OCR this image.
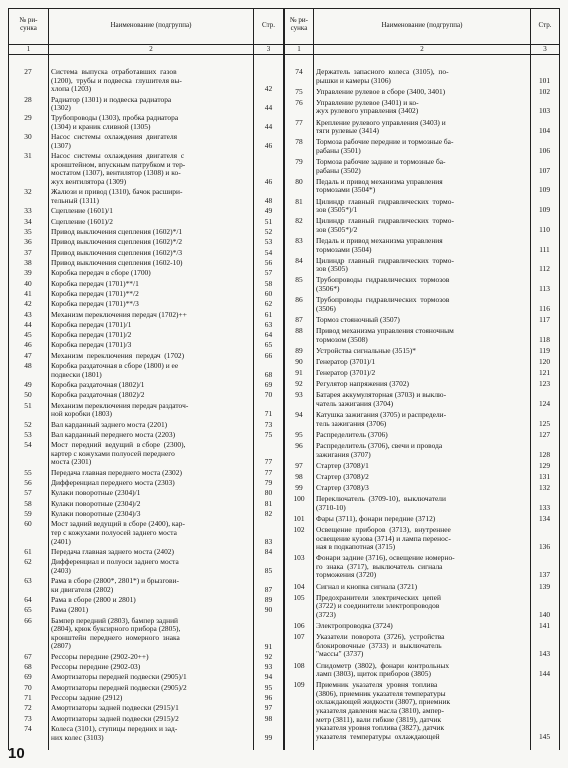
№ ри-
сунка	Наименование (подгруппа)	Стр.
№ ри-
сунка	Наименование (подгруппа)	Стр.
1	2	3	1	2	3
27	Система  выпуска  отработавших  газов
(1200),  трубы и подвеска  глушителя вы-
хлопа (1203)	42
28	Радиатор (1301) и подвеска радиатора
(1302)	44
29	Трубопроводы (1303), пробка радиатора
(1304) и краник сливной (1305)	44
30	Насос  системы  охлаждения  двигателя
(1307)	46
31	Насос  системы  охлаждения  двигателя  с
кронштейном, впускным патрубком и тер-
мостатом (1307), вентилятор (1308) и ко-
жух вентилятора (1309)	46
32	Жалюзи и привод (1310), бачок расшири-
тельный (1311)	48
33	Сцепление (1601)/1	49
34	Сцепление (1601)/2	51
35	Привод выключения сцепления (1602)*/1	52
36	Привод выключения сцепления (1602)*/2	53
37	Привод выключения сцепления (1602)*/3	54
38	Привод выключения сцепления (1602-10)	56
39	Коробка передач в сборе (1700)	57
40	Коробка передач (1701)**/1	58
41	Коробка передач (1701)**/2	60
42	Коробка передач (1701)**/3	62
43	Механизм переключения передач (1702)++	61
44	Коробка передач (1701)/1	63
45	Коробка передач (1701)/2	64
46	Коробка передач (1701)/3	65
47	Механизм  переключения  передач  (1702)	66
48	Коробка раздаточная в сборе (1800) и ее
подвески (1801)	68
49	Коробка раздаточная (1802)/1	69
50	Коробка раздаточная (1802)/2	70
51	Механизм переключения передач раздаточ-
ной коробки (1803)	71
52	Вал карданный заднего моста (2201)	73
53	Вал карданный переднего моста (2203)	75
54	Мост  передний  ведущий  в сборе  (2300),
картер с кожухами полуосей переднего
моста (2301)	77
55	Передача главная переднего моста (2302)	77
56	Дифференциал переднего моста (2303)	79
57	Кулаки поворотные (2304)/1	80
58	Кулаки поворотные (2304)/2	81
59	Кулаки поворотные (2304)/3	82
60	Мост задний ведущий в сборе (2400), кар-
тер с кожухами полуосей заднего моста
(2401)	83
61	Передача главная заднего моста (2402)	84
62	Дифференциал и полуоси заднего моста
(2403)	85
63	Рама в сборе (2800*, 2801*) и брызгови-
ки двигателя (2802)	87
64	Рама в сборе (2800 и 2801)	89
65	Рама (2801)	90
66	Бампер передний (2803), бампер задний
(2804), крюк буксирного прибора (2805),
кронштейн  переднего  номерного  знака
(2807)	91
67	Рессоры передние (2902-20++)	92
68	Рессоры передние (2902-03)	93
69	Амортизаторы передней подвески (2905)/1	94
70	Амортизаторы передней подвески (2905)/2	95
71	Рессоры задние (2912)	96
72	Амортизаторы задней подвески (2915)/1	97
73	Амортизаторы задней подвески (2915)/2	98
74	Колеса (3101), ступицы передних и зад-
них колес (3103)	99
74	Держатель  запасного  колеса  (3105),  по-
рышки и камеры (3106)	101
75	Управление рулевое в сборе (3400, 3401)	102
76	Управление рулевое (3401) и ко-
жух рулевого управления (3402)	103
77	Крепление рулевого управления (3403) и
тяги рулевые (3414)	104
78	Тормоза рабочие передние и тормозные ба-
рабаны (3501)	106
79	Тормоза рабочие задние и тормозные ба-
рабаны (3502)	107
80	Педаль и привод механизма управления
тормозами (3504*)	109
81	Цилиндр  главный  гидравлических  тормо-
зов (3505*)/1	109
82	Цилиндр  главный  гидравлических  тормо-
зов (3505*)/2	110
83	Педаль и привод механизма управления
тормозами (3504)	111
84	Цилиндр  главный  гидравлических  тормо-
зов (3505)	112
85	Трубопроводы  гидравлических  тормозов
(3506*)	113
86	Трубопроводы  гидравлических  тормозов
(3506)	116
87	Тормоз стояночный (3507)	117
88	Привод механизма управления стояночным
тормозом (3508)	118
89	Устройства сигнальные (3515)*	119
90	Генератор (3701)/1	120
91	Генератор (3701)/2	121
92	Регулятор напряжения (3702)	123
93	Батарея аккумуляторная (3703) и выклю-
чатель зажигания (3704)	124
94	Катушка зажигания (3705) и распредели-
тель зажигания (3706)	125
95	Распределитель (3706)	127
96	Распределитель (3706), свечи и провода
зажигания (3707)	128
97	Стартер (3708)/1	129
98	Стартер (3708)/2	131
99	Стартер (3708)/3	132
100	Переключатель  (3709-10),  выключатели
(3710-10)	133
101	Фары (3711), фонари передние (3712)	134
102	Освещение  приборов  (3713),  внутреннее
освещение кузова (3714) и лампа перенос-
ная в подкапотная (3715)	136
103	Фонари задние (3716), освещение номерно-
го  знака  (3717),  выключатель  сигнала
торможения (3720)	137
104	Сигнал и кнопка сигнала (3721)	139
105	Предохранители  электрических  цепей
(3722) и соединители электропроводов
(3723)	140
106	Электропроводка (3724)	141
107	Указатели  поворота  (3726),  устройства
блокировочные  (3733)  и  выключатель
"массы" (3737)	143
108	Спидометр  (3802),  фонари  контрольных
ламп (3803), щиток приборов (3805)	144
109	Приемник  указателя  уровня  топлива
(3806), приемник указателя температуры
охлаждающей жидкости (3807), приемник
указателя давления масла (3810), ампер-
метр (3811), вали гибкие (3819), датчик
указателя уровня топлива (3827), датчик
указателя  температуры  охлаждающей	145
10
